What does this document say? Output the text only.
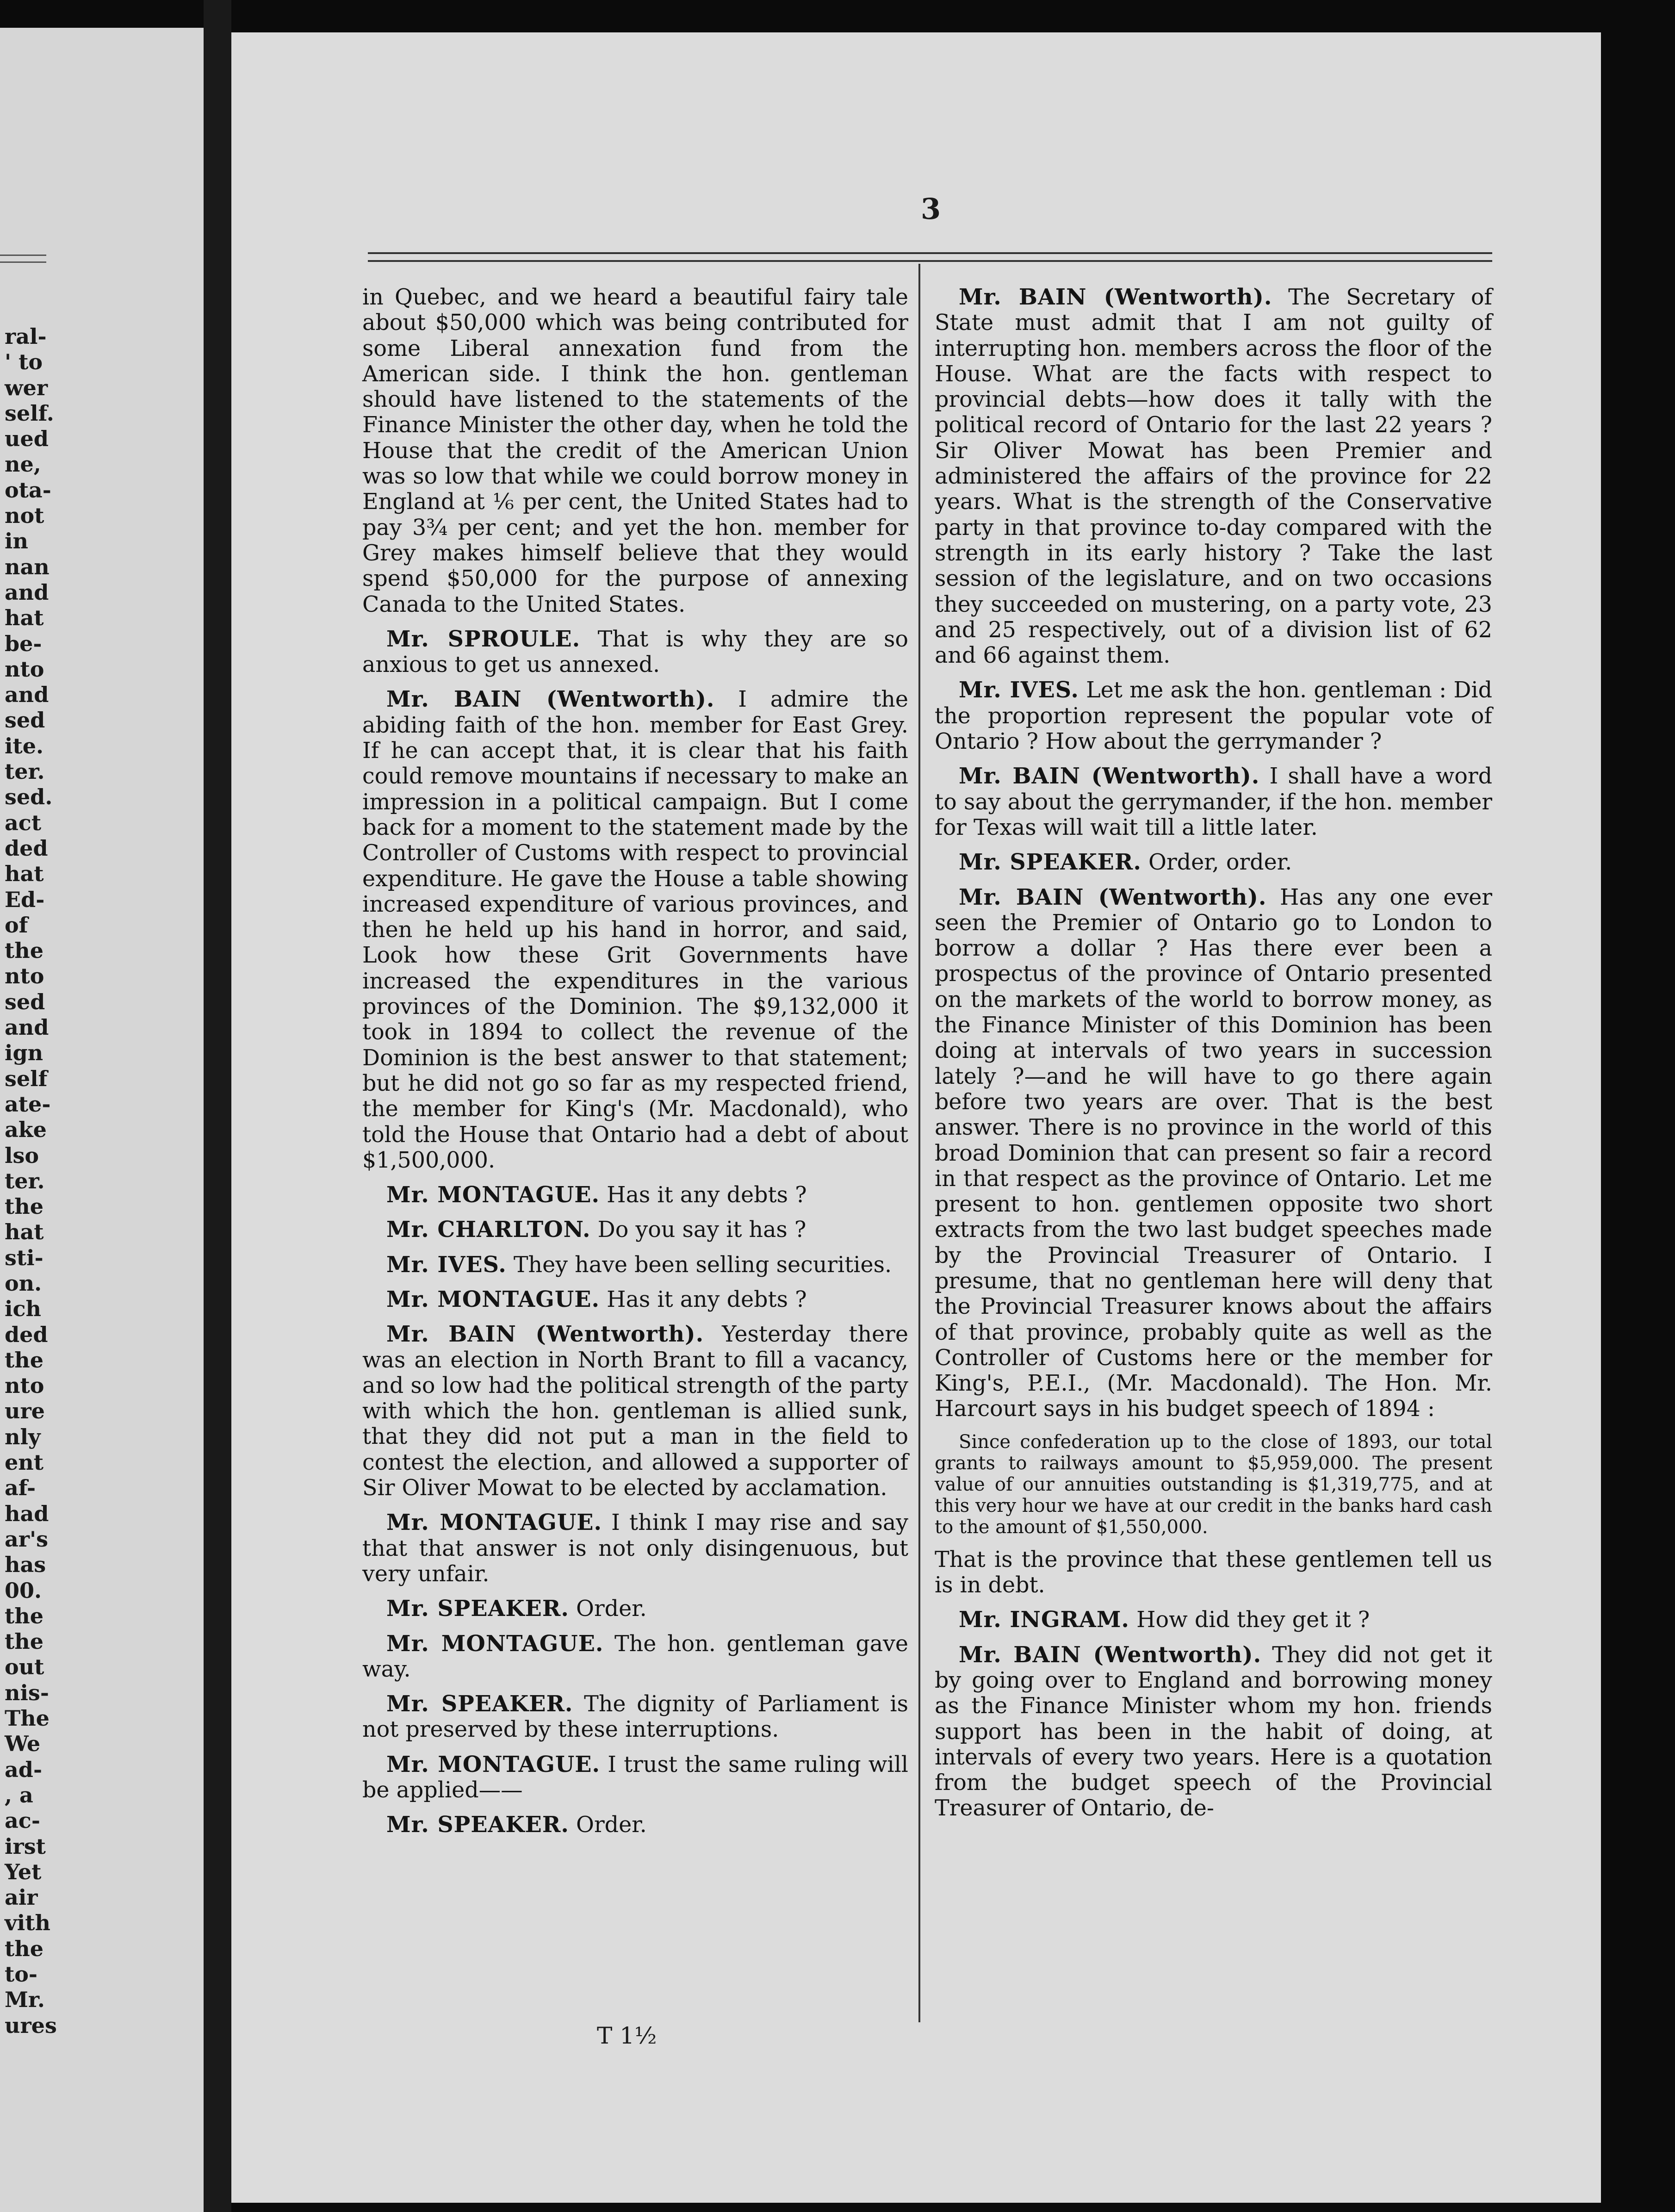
ral-
' to
wer
self.
ued
ne,
ota-
not
in
nan
and
hat
be-
nto
and
sed
ite.
ter.
sed.
act
ded
hat
Ed-
of
the
nto
sed
and
ign
self
ate-
ake
lso
ter.
the
hat
sti-
on.
ich
ded
the
nto
ure
nly
ent
af-
had
ar's
has
00.
the
the
out
nis-
The
We
ad-
, a
ac-
irst
Yet
air
vith
the
to-
Mr.
ures
3

in Quebec, and we heard a beautiful fairy tale about $50,000 which was being contributed for some Liberal annexation fund from the American side. I think the hon. gentleman should have listened to the statements of the Finance Minister the other day, when he told the House that the credit of the American Union was so low that while we could borrow money in England at ⅙ per cent, the United States had to pay 3¾ per cent; and yet the hon. member for Grey makes himself believe that they would spend $50,000 for the purpose of annexing Canada to the United States.

Mr. SPROULE. That is why they are so anxious to get us annexed.

Mr. BAIN (Wentworth). I admire the abiding faith of the hon. member for East Grey. If he can accept that, it is clear that his faith could remove mountains if necessary to make an impression in a political campaign. But I come back for a moment to the statement made by the Controller of Customs with respect to provincial expenditure. He gave the House a table showing increased expenditure of various provinces, and then he held up his hand in horror, and said, Look how these Grit Governments have increased the expenditures in the various provinces of the Dominion. The $9,132,000 it took in 1894 to collect the revenue of the Dominion is the best answer to that statement; but he did not go so far as my respected friend, the member for King's (Mr. Macdonald), who told the House that Ontario had a debt of about $1,500,000.

Mr. MONTAGUE. Has it any debts ?

Mr. CHARLTON. Do you say it has ?

Mr. IVES. They have been selling securities.

Mr. MONTAGUE. Has it any debts ?

Mr. BAIN (Wentworth). Yesterday there was an election in North Brant to fill a vacancy, and so low had the political strength of the party with which the hon. gentleman is allied sunk, that they did not put a man in the field to contest the election, and allowed a supporter of Sir Oliver Mowat to be elected by acclamation.

Mr. MONTAGUE. I think I may rise and say that that answer is not only disingenuous, but very unfair.

Mr. SPEAKER. Order.

Mr. MONTAGUE. The hon. gentleman gave way.

Mr. SPEAKER. The dignity of Parliament is not preserved by these interruptions.

Mr. MONTAGUE. I trust the same ruling will be applied——

Mr. SPEAKER. Order.

Mr. BAIN (Wentworth). The Secretary of State must admit that I am not guilty of interrupting hon. members across the floor of the House. What are the facts with respect to provincial debts—how does it tally with the political record of Ontario for the last 22 years ? Sir Oliver Mowat has been Premier and administered the affairs of the province for 22 years. What is the strength of the Conservative party in that province to-day compared with the strength in its early history ? Take the last session of the legislature, and on two occasions they succeeded on mustering, on a party vote, 23 and 25 respectively, out of a division list of 62 and 66 against them.

Mr. IVES. Let me ask the hon. gentleman : Did the proportion represent the popular vote of Ontario ? How about the gerrymander ?

Mr. BAIN (Wentworth). I shall have a word to say about the gerrymander, if the hon. member for Texas will wait till a little later.

Mr. SPEAKER. Order, order.

Mr. BAIN (Wentworth). Has any one ever seen the Premier of Ontario go to London to borrow a dollar ? Has there ever been a prospectus of the province of Ontario presented on the markets of the world to borrow money, as the Finance Minister of this Dominion has been doing at intervals of two years in succession lately ?—and he will have to go there again before two years are over. That is the best answer. There is no province in the world of this broad Dominion that can present so fair a record in that respect as the province of Ontario. Let me present to hon. gentlemen opposite two short extracts from the two last budget speeches made by the Provincial Treasurer of Ontario. I presume, that no gentleman here will deny that the Provincial Treasurer knows about the affairs of that province, probably quite as well as the Controller of Customs here or the member for King's, P.E.I., (Mr. Macdonald). The Hon. Mr. Harcourt says in his budget speech of 1894 :

Since confederation up to the close of 1893, our total grants to railways amount to $5,959,000. The present value of our annuities outstanding is $1,319,775, and at this very hour we have at our credit in the banks hard cash to the amount of $1,550,000.

That is the province that these gentlemen tell us is in debt.

Mr. INGRAM. How did they get it ?

Mr. BAIN (Wentworth). They did not get it by going over to England and borrowing money as the Finance Minister whom my hon. friends support has been in the habit of doing, at intervals of every two years. Here is a quotation from the budget speech of the Provincial Treasurer of Ontario, de-

T 1½
